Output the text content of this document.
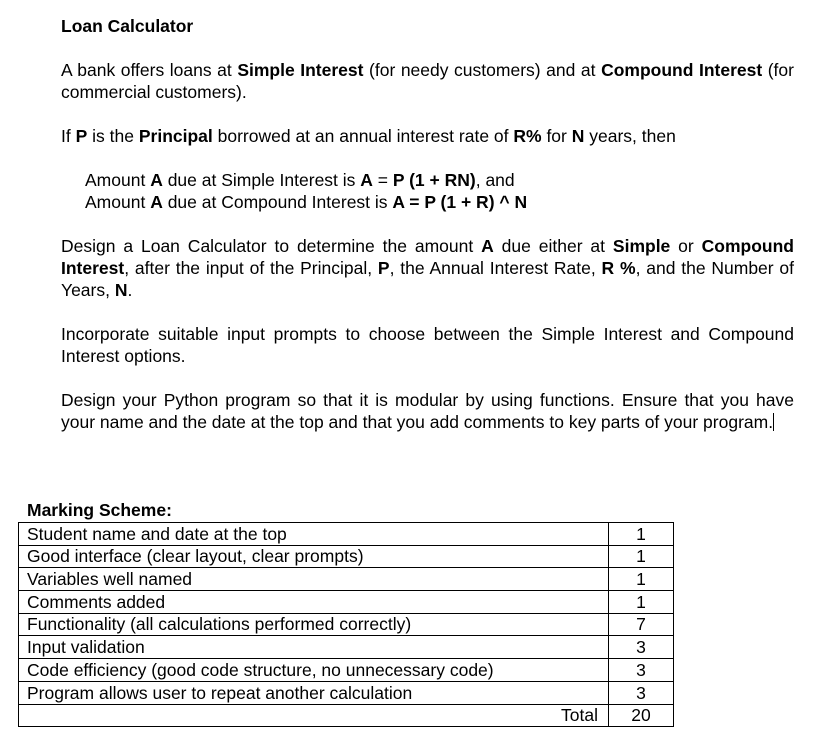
Loan Calculator

A bank offers loans at Simple Interest (for needy customers) and at Compound Interest (for commercial customers).

If P is the Principal borrowed at an annual interest rate of R% for N years, then

Amount A due at Simple Interest is A = P (1 + RN), and
Amount A due at Compound Interest is A = P (1 + R) ^ N

Design a Loan Calculator to determine the amount A due either at Simple or Compound Interest, after the input of the Principal, P, the Annual Interest Rate, R %, and the Number of Years, N.

Incorporate suitable input prompts to choose between the Simple Interest and Compound Interest options.

Design your Python program so that it is modular by using functions. Ensure that you have your name and the date at the top and that you add comments to key parts of your program.

Marking Scheme:
Student name and date at the top	1
Good interface (clear layout, clear prompts)	1
Variables well named	1
Comments added	1
Functionality (all calculations performed correctly)	7
Input validation	3
Code efficiency (good code structure, no unnecessary code)	3
Program allows user to repeat another calculation	3
Total	20
